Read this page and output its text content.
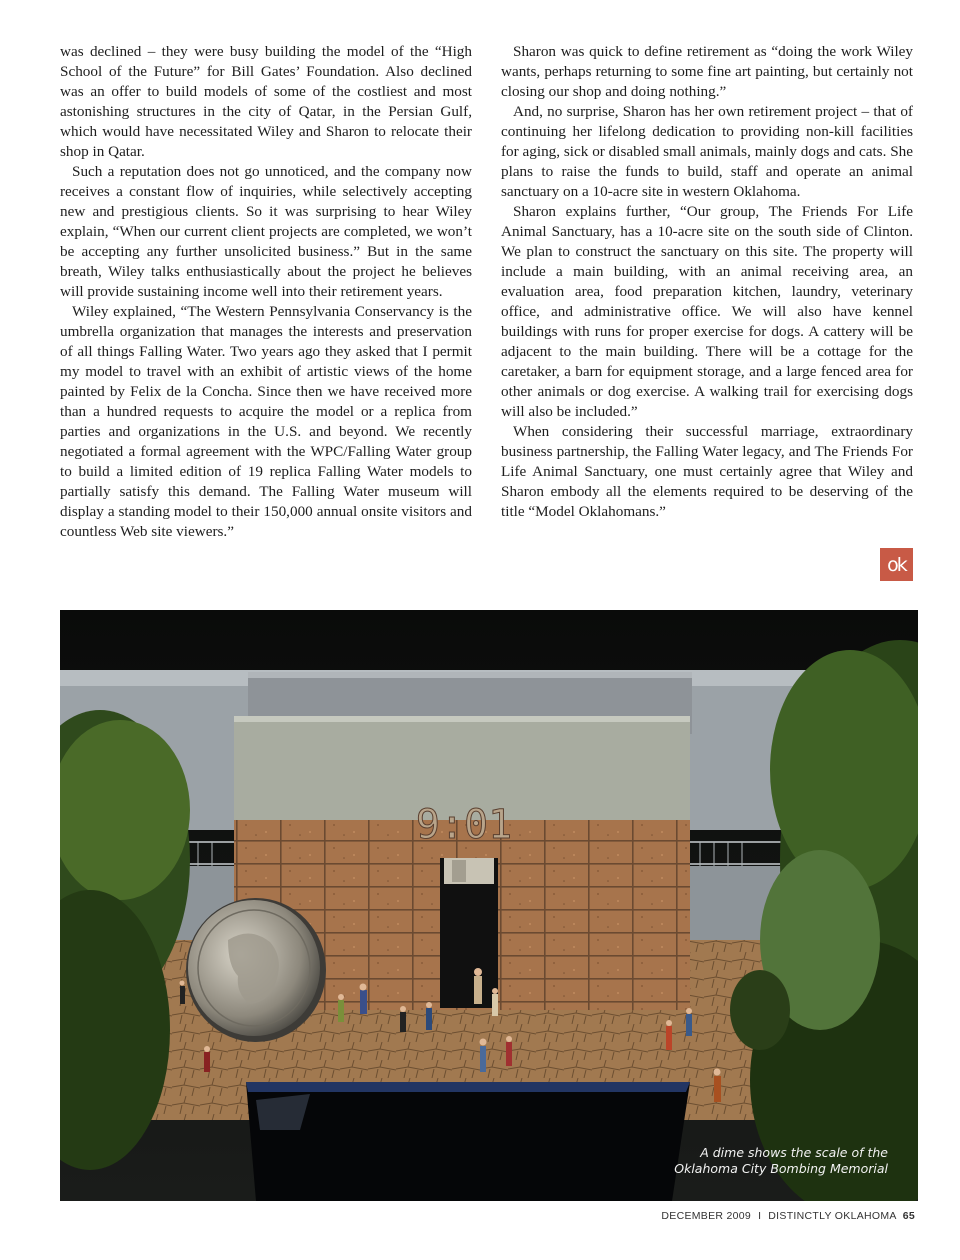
was declined – they were busy building the model of the “High School of the Future” for Bill Gates’ Foundation. Also declined was an offer to build models of some of the costliest and most astonishing structures in the city of Qatar, in the Persian Gulf, which would have necessitated Wiley and Sharon to relocate their shop in Qatar.

Such a reputation does not go unnoticed, and the company now receives a constant flow of inquiries, while selectively accepting new and prestigious clients. So it was surprising to hear Wiley explain, “When our current client projects are completed, we won’t be accepting any further unsolicited business.” But in the same breath, Wiley talks enthusiastically about the project he believes will provide sustaining income well into their retirement years.

Wiley explained, “The Western Pennsylvania Conservancy is the umbrella organization that manages the interests and preservation of all things Falling Water. Two years ago they asked that I permit my model to travel with an exhibit of artistic views of the home painted by Felix de la Concha. Since then we have received more than a hundred requests to acquire the model or a replica from parties and organizations in the U.S. and beyond. We recently negotiated a formal agreement with the WPC/Falling Water group to build a limited edition of 19 replica Falling Water models to partially satisfy this demand. The Falling Water museum will display a standing model to their 150,000 annual onsite visitors and countless Web site viewers.”

Sharon was quick to define retirement as “doing the work Wiley wants, perhaps returning to some fine art painting, but certainly not closing our shop and doing nothing.”

And, no surprise, Sharon has her own retirement project – that of continuing her lifelong dedication to providing non-kill facilities for aging, sick or disabled small animals, mainly dogs and cats. She plans to raise the funds to build, staff and operate an animal sanctuary on a 10-acre site in western Oklahoma.

Sharon explains further, “Our group, The Friends For Life Animal Sanctuary, has a 10-acre site on the south side of Clinton. We plan to construct the sanctuary on this site. The property will include a main building, with an animal receiving area, an evaluation area, food preparation kitchen, laundry, veterinary office, and administrative office. We will also have kennel buildings with runs for proper exercise for dogs. A cattery will be adjacent to the main building. There will be a cottage for the caretaker, a barn for equipment storage, and a large fenced area for other animals or dog exercise. A walking trail for exercising dogs will also be included.”

When considering their successful marriage, extraordinary business partnership, the Falling Water legacy, and The Friends For Life Animal Sanctuary, one must certainly agree that Wiley and Sharon embody all the elements required to be deserving of the title “Model Oklahomans.”

ok
9:01
A dime shows the scale of the
Oklahoma City Bombing Memorial
DECEMBER 2009 I DISTINCTLY OKLAHOMA 65
